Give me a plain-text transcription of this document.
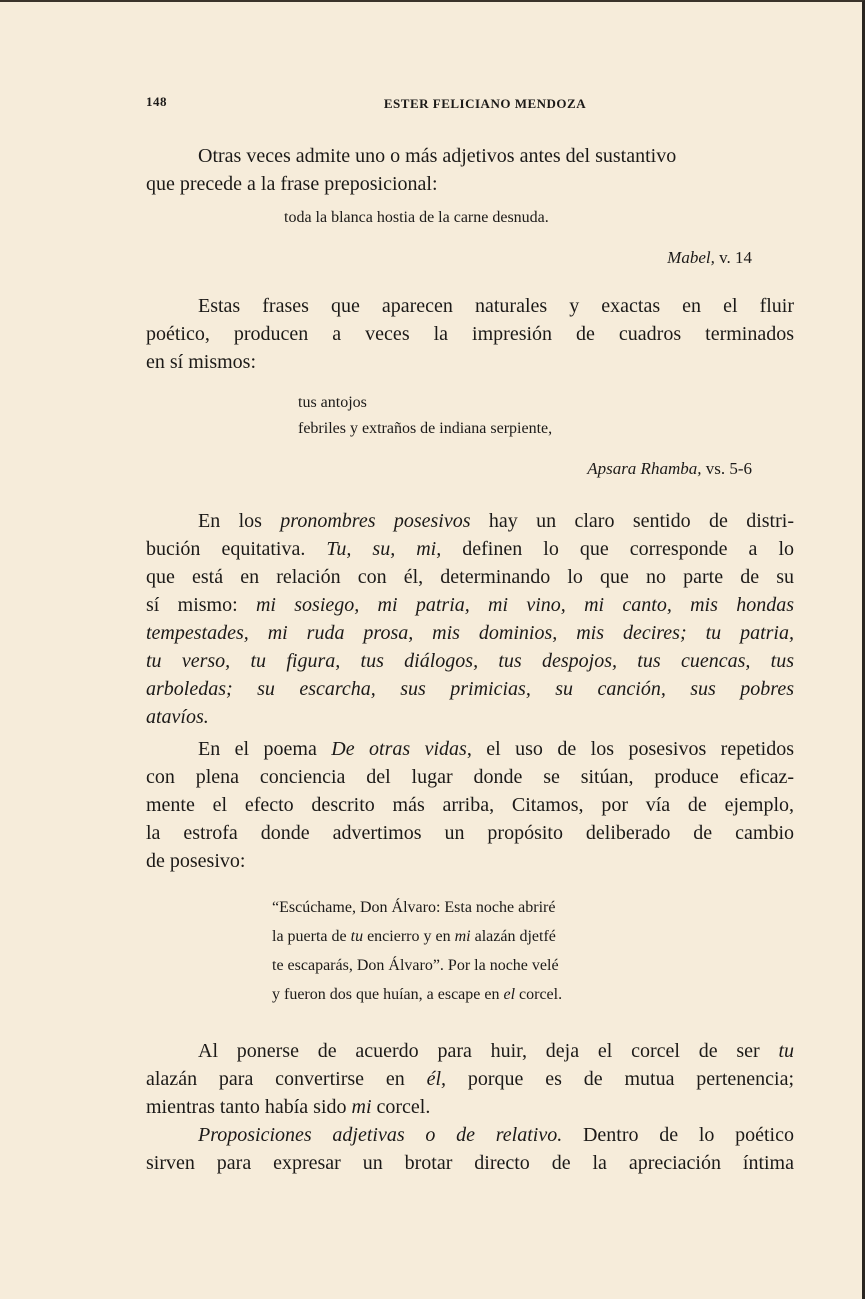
148	ESTER FELICIANO MENDOZA

Otras veces admite uno o más adjetivos antes del sustantivo
que precede a la frase preposicional:

toda la blanca hostia de la carne desnuda.

Mabel, v. 14

Estas frases que aparecen naturales y exactas en el fluir
poético, producen a veces la impresión de cuadros terminados
en sí mismos:

tus antojos
febriles y extraños de indiana serpiente,

Apsara Rhamba, vs. 5-6

En los pronombres posesivos hay un claro sentido de distri-
bución equitativa. Tu, su, mi, definen lo que corresponde a lo
que está en relación con él, determinando lo que no parte de su
sí mismo: mi sosiego, mi patria, mi vino, mi canto, mis hondas
tempestades, mi ruda prosa, mis dominios, mis decires; tu patria,
tu verso, tu figura, tus diálogos, tus despojos, tus cuencas, tus
arboledas; su escarcha, sus primicias, su canción, sus pobres
atavíos.

En el poema De otras vidas, el uso de los posesivos repetidos
con plena conciencia del lugar donde se sitúan, produce eficaz-
mente el efecto descrito más arriba, Citamos, por vía de ejemplo,
la estrofa donde advertimos un propósito deliberado de cambio
de posesivo:

“Escúchame, Don Álvaro: Esta noche abriré
la puerta de tu encierro y en mi alazán djetfé
te escaparás, Don Álvaro”. Por la noche velé
y fueron dos que huían, a escape en el corcel.

Al ponerse de acuerdo para huir, deja el corcel de ser tu
alazán para convertirse en él, porque es de mutua pertenencia;
mientras tanto había sido mi corcel.

Proposiciones adjetivas o de relativo. Dentro de lo poético
sirven para expresar un brotar directo de la apreciación íntima
